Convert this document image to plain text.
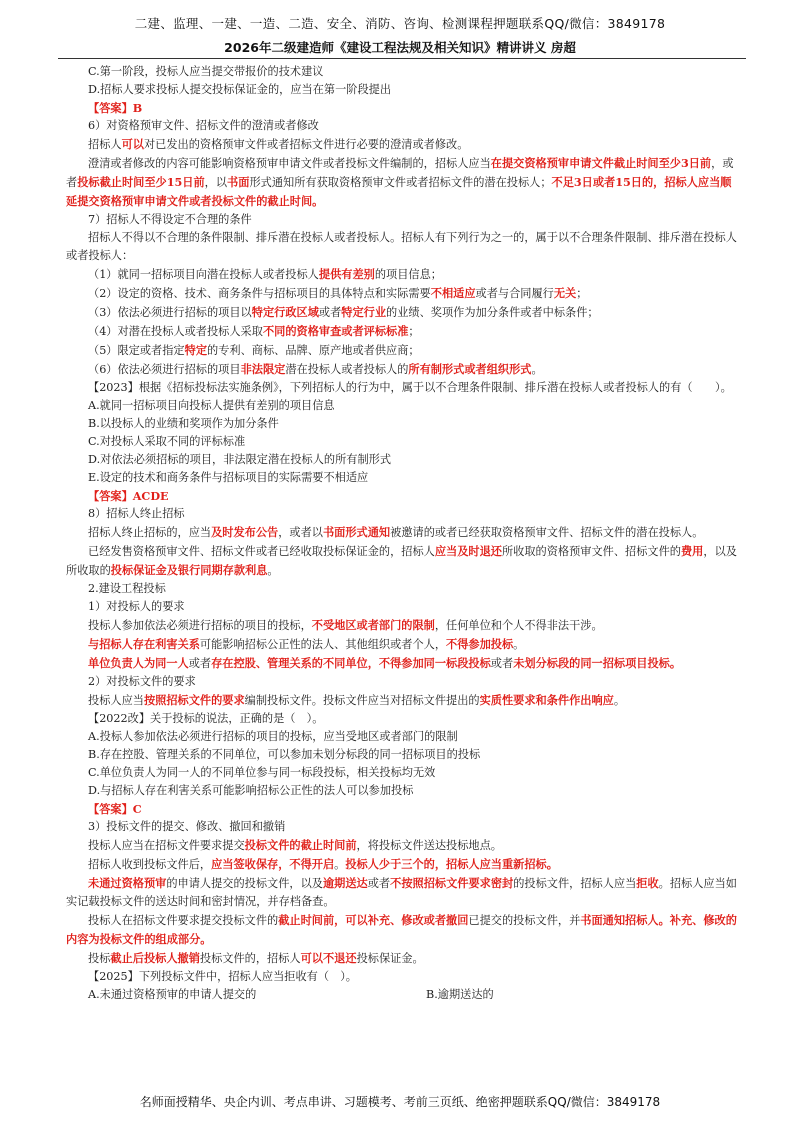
二建、监理、一建、一造、二造、安全、消防、咨询、检测课程押题联系QQ/微信：3849178
2026年二级建造师《建设工程法规及相关知识》精讲讲义 房超

C.第一阶段，投标人应当提交带报价的技术建议

D.招标人要求投标人提交投标保证金的，应当在第一阶段提出

【答案】B

6）对资格预审文件、招标文件的澄清或者修改

招标人可以对已发出的资格预审文件或者招标文件进行必要的澄清或者修改。

澄清或者修改的内容可能影响资格预审申请文件或者投标文件编制的，招标人应当在提交资格预审申请文件截止时间至少3日前，或者投标截止时间至少15日前，以书面形式通知所有获取资格预审文件或者招标文件的潜在投标人；不足3日或者15日的，招标人应当顺延提交资格预审申请文件或者投标文件的截止时间。

7）招标人不得设定不合理的条件

招标人不得以不合理的条件限制、排斥潜在投标人或者投标人。招标人有下列行为之一的，属于以不合理条件限制、排斥潜在投标人或者投标人：

（1）就同一招标项目向潜在投标人或者投标人提供有差别的项目信息；

（2）设定的资格、技术、商务条件与招标项目的具体特点和实际需要不相适应或者与合同履行无关；

（3）依法必须进行招标的项目以特定行政区域或者特定行业的业绩、奖项作为加分条件或者中标条件；

（4）对潜在投标人或者投标人采取不同的资格审查或者评标标准；

（5）限定或者指定特定的专利、商标、品牌、原产地或者供应商；

（6）依法必须进行招标的项目非法限定潜在投标人或者投标人的所有制形式或者组织形式。

【2023】根据《招标投标法实施条例》，下列招标人的行为中，属于以不合理条件限制、排斥潜在投标人或者投标人的有（　　）。

A.就同一招标项目向投标人提供有差别的项目信息

B.以投标人的业绩和奖项作为加分条件

C.对投标人采取不同的评标标准

D.对依法必须招标的项目，非法限定潜在投标人的所有制形式

E.设定的技术和商务条件与招标项目的实际需要不相适应

【答案】ACDE

8）招标人终止招标

招标人终止招标的，应当及时发布公告，或者以书面形式通知被邀请的或者已经获取资格预审文件、招标文件的潜在投标人。

已经发售资格预审文件、招标文件或者已经收取投标保证金的，招标人应当及时退还所收取的资格预审文件、招标文件的费用，以及所收取的投标保证金及银行同期存款利息。

2.建设工程投标

1）对投标人的要求

投标人参加依法必须进行招标的项目的投标，不受地区或者部门的限制，任何单位和个人不得非法干涉。

与招标人存在利害关系可能影响招标公正性的法人、其他组织或者个人，不得参加投标。

单位负责人为同一人或者存在控股、管理关系的不同单位，不得参加同一标段投标或者未划分标段的同一招标项目投标。

2）对投标文件的要求

投标人应当按照招标文件的要求编制投标文件。投标文件应当对招标文件提出的实质性要求和条件作出响应。

【2022改】关于投标的说法，正确的是（　）。

A.投标人参加依法必须进行招标的项目的投标，应当受地区或者部门的限制

B.存在控股、管理关系的不同单位，可以参加未划分标段的同一招标项目的投标

C.单位负责人为同一人的不同单位参与同一标段投标，相关投标均无效

D.与招标人存在利害关系可能影响招标公正性的法人可以参加投标

【答案】C

3）投标文件的提交、修改、撤回和撤销

投标人应当在招标文件要求提交投标文件的截止时间前，将投标文件送达投标地点。

招标人收到投标文件后，应当签收保存，不得开启。投标人少于三个的，招标人应当重新招标。

未通过资格预审的申请人提交的投标文件，以及逾期送达或者不按照招标文件要求密封的投标文件，招标人应当拒收。招标人应当如实记载投标文件的送达时间和密封情况，并存档备查。

投标人在招标文件要求提交投标文件的截止时间前，可以补充、修改或者撤回已提交的投标文件，并书面通知招标人。补充、修改的内容为投标文件的组成部分。

投标截止后投标人撤销投标文件的，招标人可以不退还投标保证金。

【2025】下列投标文件中，招标人应当拒收有（　）。

A.未通过资格预审的申请人提交的	B.逾期送达的

名师面授精华、央企内训、考点串讲、习题模考、考前三页纸、绝密押题联系QQ/微信：3849178
